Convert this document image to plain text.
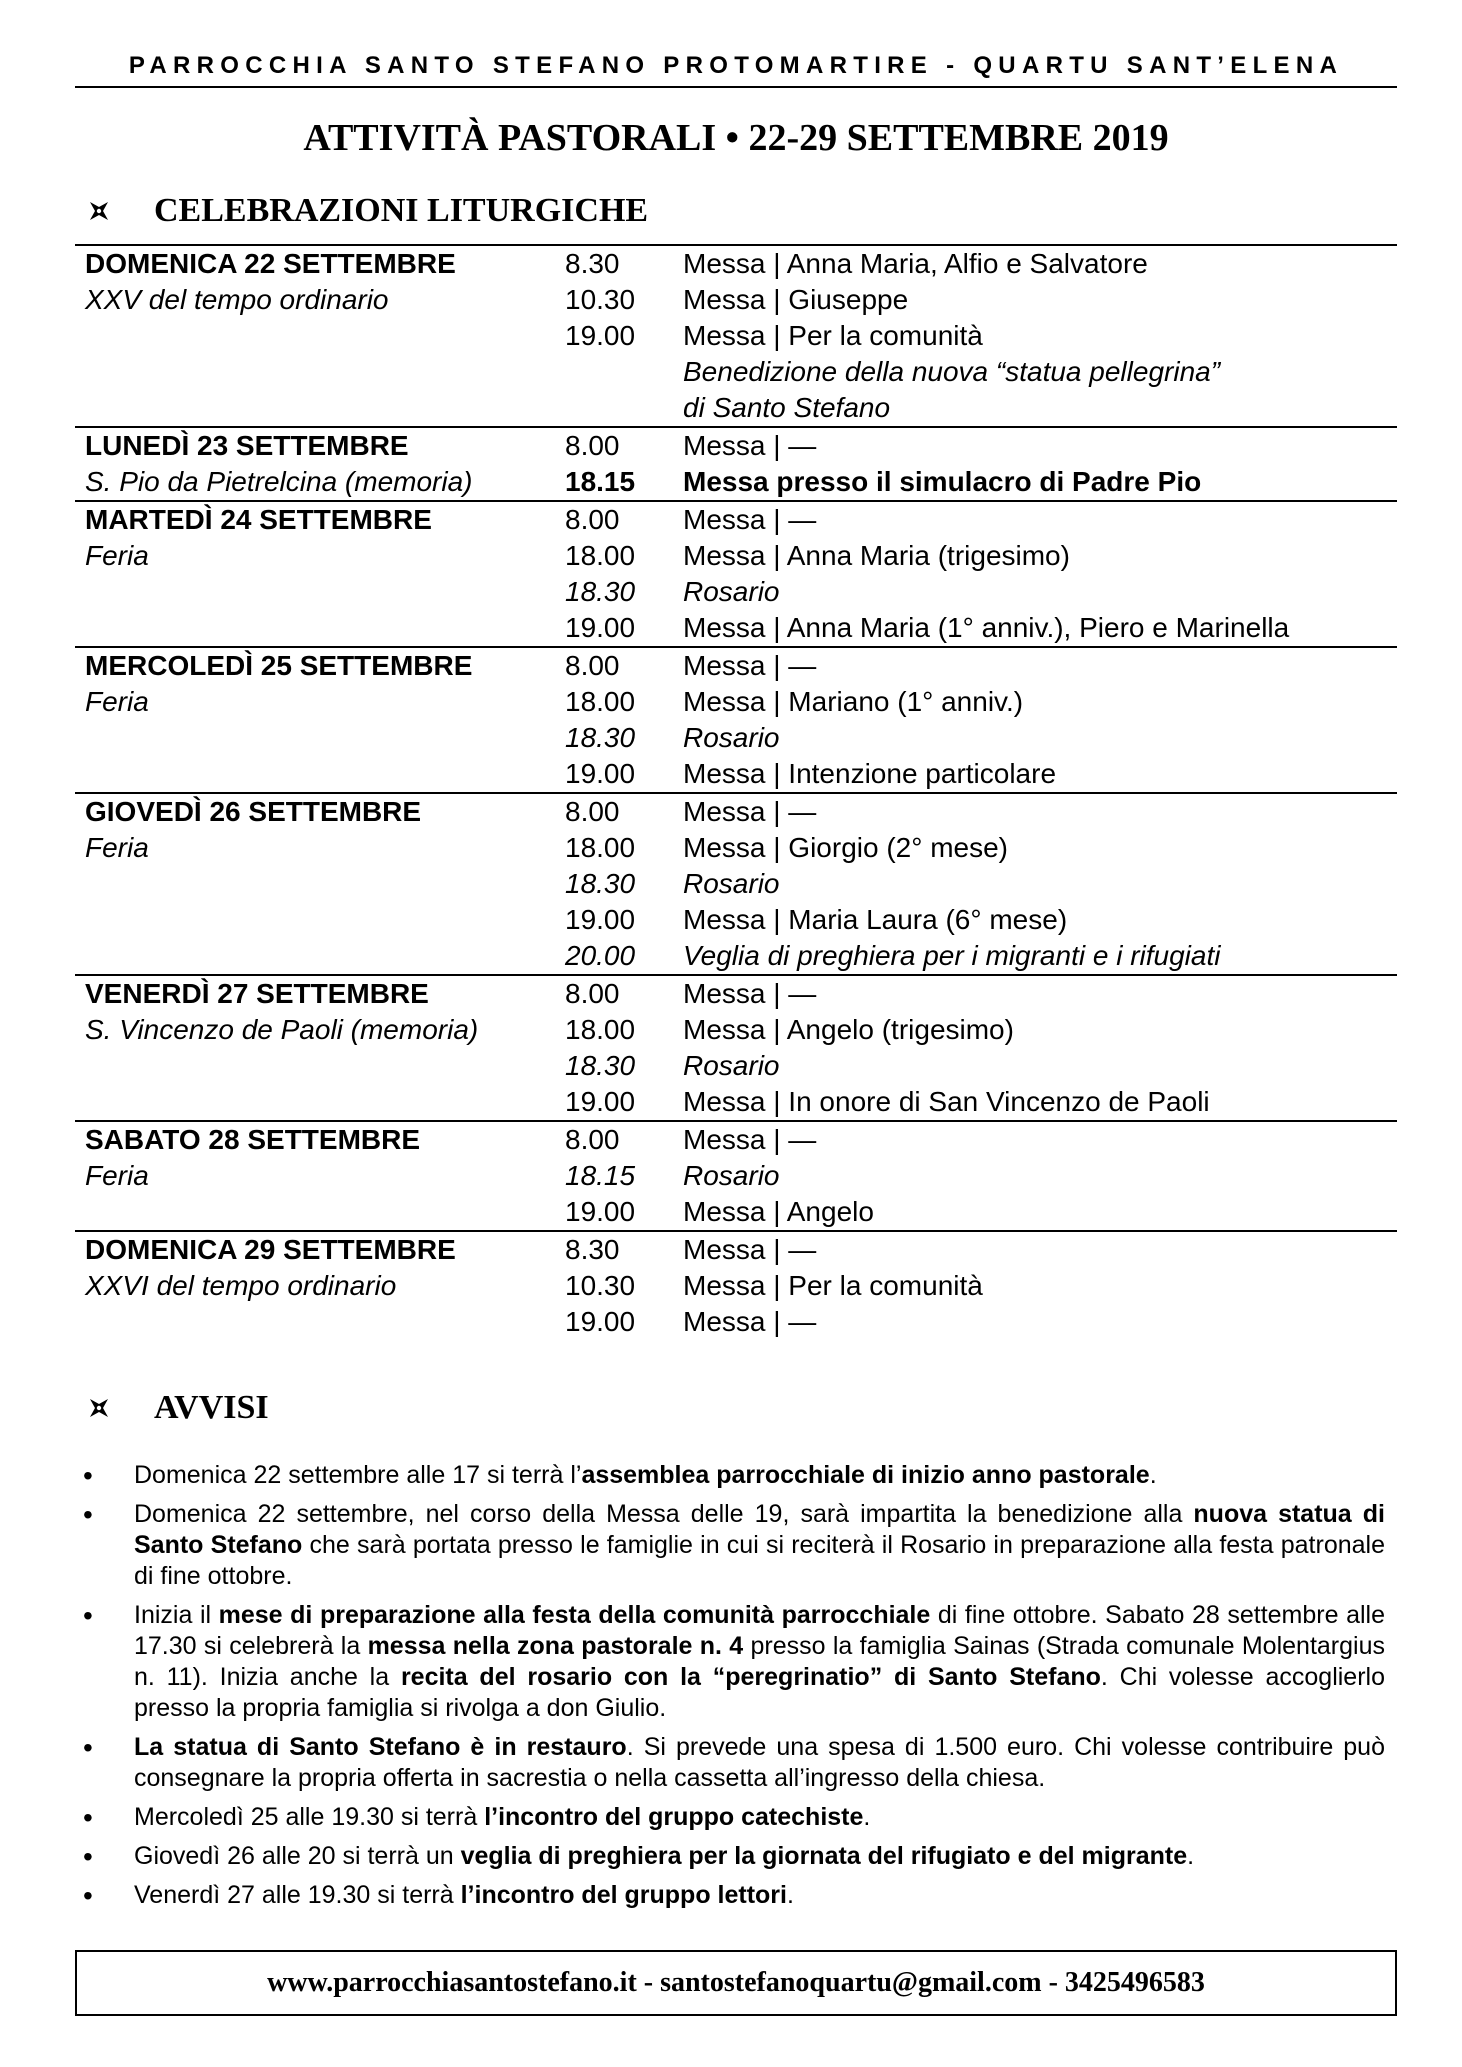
PARROCCHIA SANTO STEFANO PROTOMARTIRE - QUARTU SANT’ELENA
ATTIVITÀ PASTORALI • 22-29 SETTEMBRE 2019
CELEBRAZIONI LITURGICHE
DOMENICA 22 SETTEMBRE	8.30	Messa | Anna Maria, Alfio e Salvatore
XXV del tempo ordinario	10.30	Messa | Giuseppe
	19.00	Messa | Per la comunità
		Benedizione della nuova “statua pellegrina”
		di Santo Stefano
LUNEDÌ 23 SETTEMBRE	8.00	Messa | —
S. Pio da Pietrelcina (memoria)	18.15	Messa presso il simulacro di Padre Pio
MARTEDÌ 24 SETTEMBRE	8.00	Messa | —
Feria	18.00	Messa | Anna Maria (trigesimo)
	18.30	Rosario
	19.00	Messa | Anna Maria (1° anniv.), Piero e Marinella
MERCOLEDÌ 25 SETTEMBRE	8.00	Messa | —
Feria	18.00	Messa | Mariano (1° anniv.)
	18.30	Rosario
	19.00	Messa | Intenzione particolare
GIOVEDÌ 26 SETTEMBRE	8.00	Messa | —
Feria	18.00	Messa | Giorgio (2° mese)
	18.30	Rosario
	19.00	Messa | Maria Laura (6° mese)
	20.00	Veglia di preghiera per i migranti e i rifugiati
VENERDÌ 27 SETTEMBRE	8.00	Messa | —
S. Vincenzo de Paoli (memoria)	18.00	Messa | Angelo (trigesimo)
	18.30	Rosario
	19.00	Messa | In onore di San Vincenzo de Paoli
SABATO 28 SETTEMBRE	8.00	Messa | —
Feria	18.15	Rosario
	19.00	Messa | Angelo
DOMENICA 29 SETTEMBRE	8.30	Messa | —
XXVI del tempo ordinario	10.30	Messa | Per la comunità
	19.00	Messa | —
AVVISI
• Domenica 22 settembre alle 17 si terrà l’assemblea parrocchiale di inizio anno pastorale.
• Domenica 22 settembre, nel corso della Messa delle 19, sarà impartita la benedizione alla nuova statua di Santo Stefano che sarà portata presso le famiglie in cui si reciterà il Rosario in preparazione alla festa patronale di fine ottobre.
• Inizia il mese di preparazione alla festa della comunità parrocchiale di fine ottobre. Sabato 28 settembre alle 17.30 si celebrerà la messa nella zona pastorale n. 4 presso la famiglia Sainas (Strada comunale Molentargius n. 11). Inizia anche la recita del rosario con la “peregrinatio” di Santo Stefano. Chi volesse accoglierlo presso la propria famiglia si rivolga a don Giulio.
• La statua di Santo Stefano è in restauro. Si prevede una spesa di 1.500 euro. Chi volesse contribuire può consegnare la propria offerta in sacrestia o nella cassetta all’ingresso della chiesa.
• Mercoledì 25 alle 19.30 si terrà l’incontro del gruppo catechiste.
• Giovedì 26 alle 20 si terrà un veglia di preghiera per la giornata del rifugiato e del migrante.
• Venerdì 27 alle 19.30 si terrà l’incontro del gruppo lettori.
www.parrocchiasantostefano.it - santostefanoquartu@gmail.com - 3425496583
